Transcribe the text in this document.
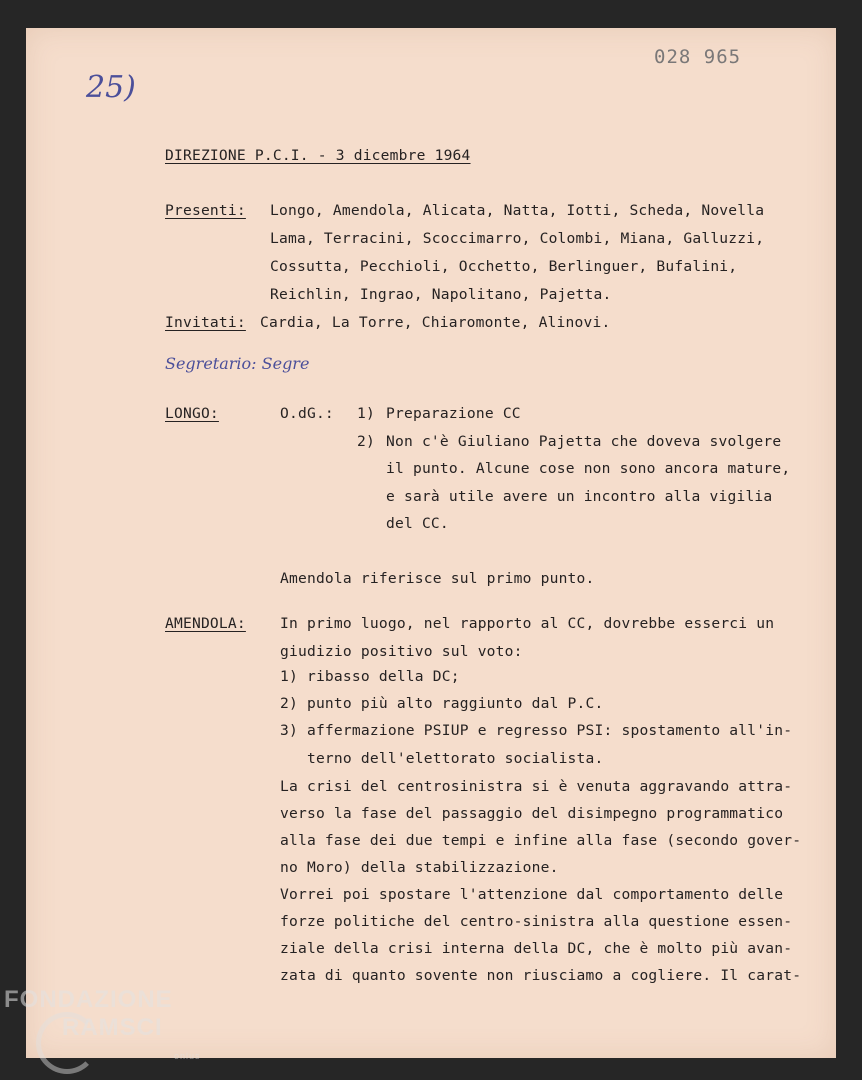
028 965
25)
DIREZIONE P.C.I. - 3 dicembre 1964
Presenti: Longo, Amendola, Alicata, Natta, Iotti, Scheda, Novella
Lama, Terracini, Scoccimarro, Colombi, Miana, Galluzzi,
Cossutta, Pecchioli, Occhetto, Berlinguer, Bufalini,
Reichlin, Ingrao, Napolitano, Pajetta.
Invitati: Cardia, La Torre, Chiaromonte, Alinovi.
Segretario: Segre
LONGO:	O.dG.: 1) Preparazione CC
2) Non c'è Giuliano Pajetta che doveva svolgere
il punto. Alcune cose non sono ancora mature,
e sarà utile avere un incontro alla vigilia
del CC.
Amendola riferisce sul primo punto.
AMENDOLA: In primo luogo, nel rapporto al CC, dovrebbe esserci un
giudizio positivo sul voto:
1) ribasso della DC;
2) punto più alto raggiunto dal P.C.
3) affermazione PSIUP e regresso PSI: spostamento all'in-
terno dell'elettorato socialista.
La crisi del centrosinistra si è venuta aggravando attra-
verso la fase del passaggio del disimpegno programmatico
alla fase dei due tempi e infine alla fase (secondo gover-
no Moro) della stabilizzazione.
Vorrei poi spostare l'attenzione dal comportamento delle
forze politiche del centro-sinistra alla questione essen-
ziale della crisi interna della DC, che è molto più avan-
zata di quanto sovente non riusciamo a cogliere. Il carat-
FONDAZIONE
RAMSCI
onlus
